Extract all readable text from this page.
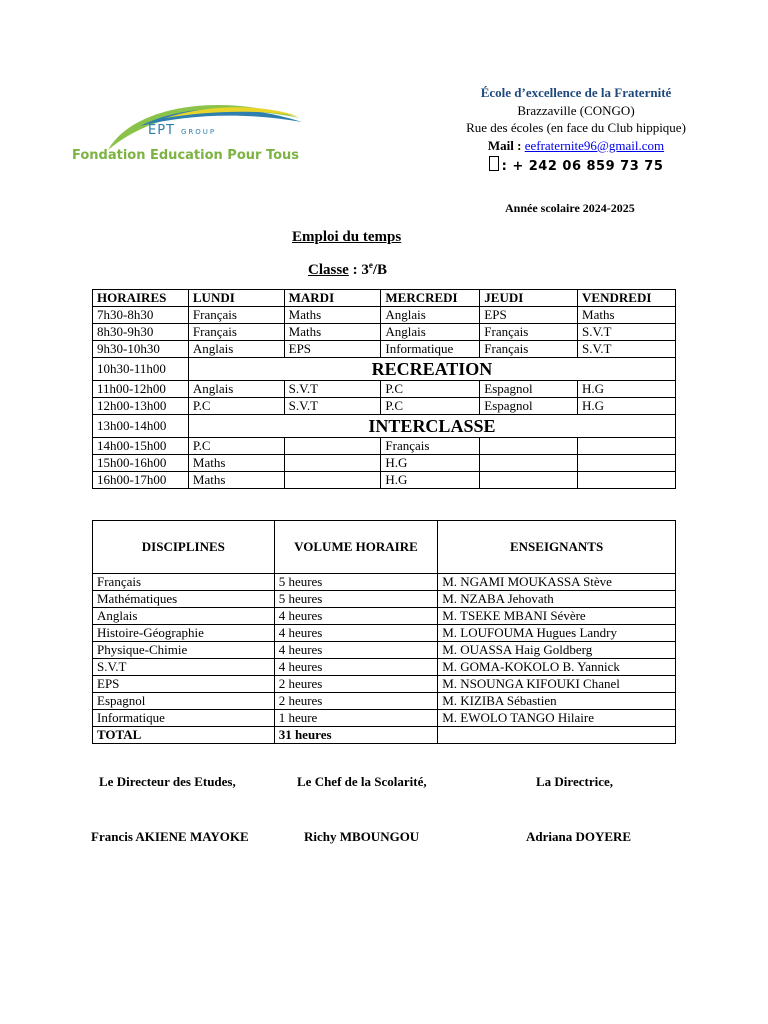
EPT GROUP
Fondation Education Pour Tous
École d’excellence de la Fraternité
Brazzaville (CONGO)
Rue des écoles (en face du Club hippique)
Mail : eefraternite96@gmail.com
: + 242 06 859 73 75
Année scolaire 2024-2025
Emploi du temps
Classe : 3e/B
HORAIRES	LUNDI	MARDI	MERCREDI	JEUDI	VENDREDI
7h30-8h30	Français	Maths	Anglais	EPS	Maths
8h30-9h30	Français	Maths	Anglais	Français	S.V.T
9h30-10h30	Anglais	EPS	Informatique	Français	S.V.T
10h30-11h00	RECREATION				
11h00-12h00	Anglais	S.V.T	P.C	Espagnol	H.G
12h00-13h00	P.C	S.V.T	P.C	Espagnol	H.G
13h00-14h00	INTERCLASSE				
14h00-15h00	P.C		Français		
15h00-16h00	Maths		H.G		
16h00-17h00	Maths		H.G		
DISCIPLINES	VOLUME HORAIRE	ENSEIGNANTS
Français	5 heures	M. NGAMI MOUKASSA Stève
Mathématiques	5 heures	M. NZABA Jehovath
Anglais	4 heures	M. TSEKE MBANI Sévère
Histoire-Géographie	4 heures	M. LOUFOUMA Hugues Landry
Physique-Chimie	4 heures	M. OUASSA Haig Goldberg
S.V.T	4 heures	M. GOMA-KOKOLO B. Yannick
EPS	2 heures	M. NSOUNGA KIFOUKI Chanel
Espagnol	2 heures	M. KIZIBA Sébastien
Informatique	1 heure	M. EWOLO TANGO Hilaire
TOTAL	31 heures	
Le Directeur des Etudes,	Le Chef de la Scolarité,	La Directrice,
Francis AKIENE MAYOKE	Richy MBOUNGOU	Adriana DOYERE
